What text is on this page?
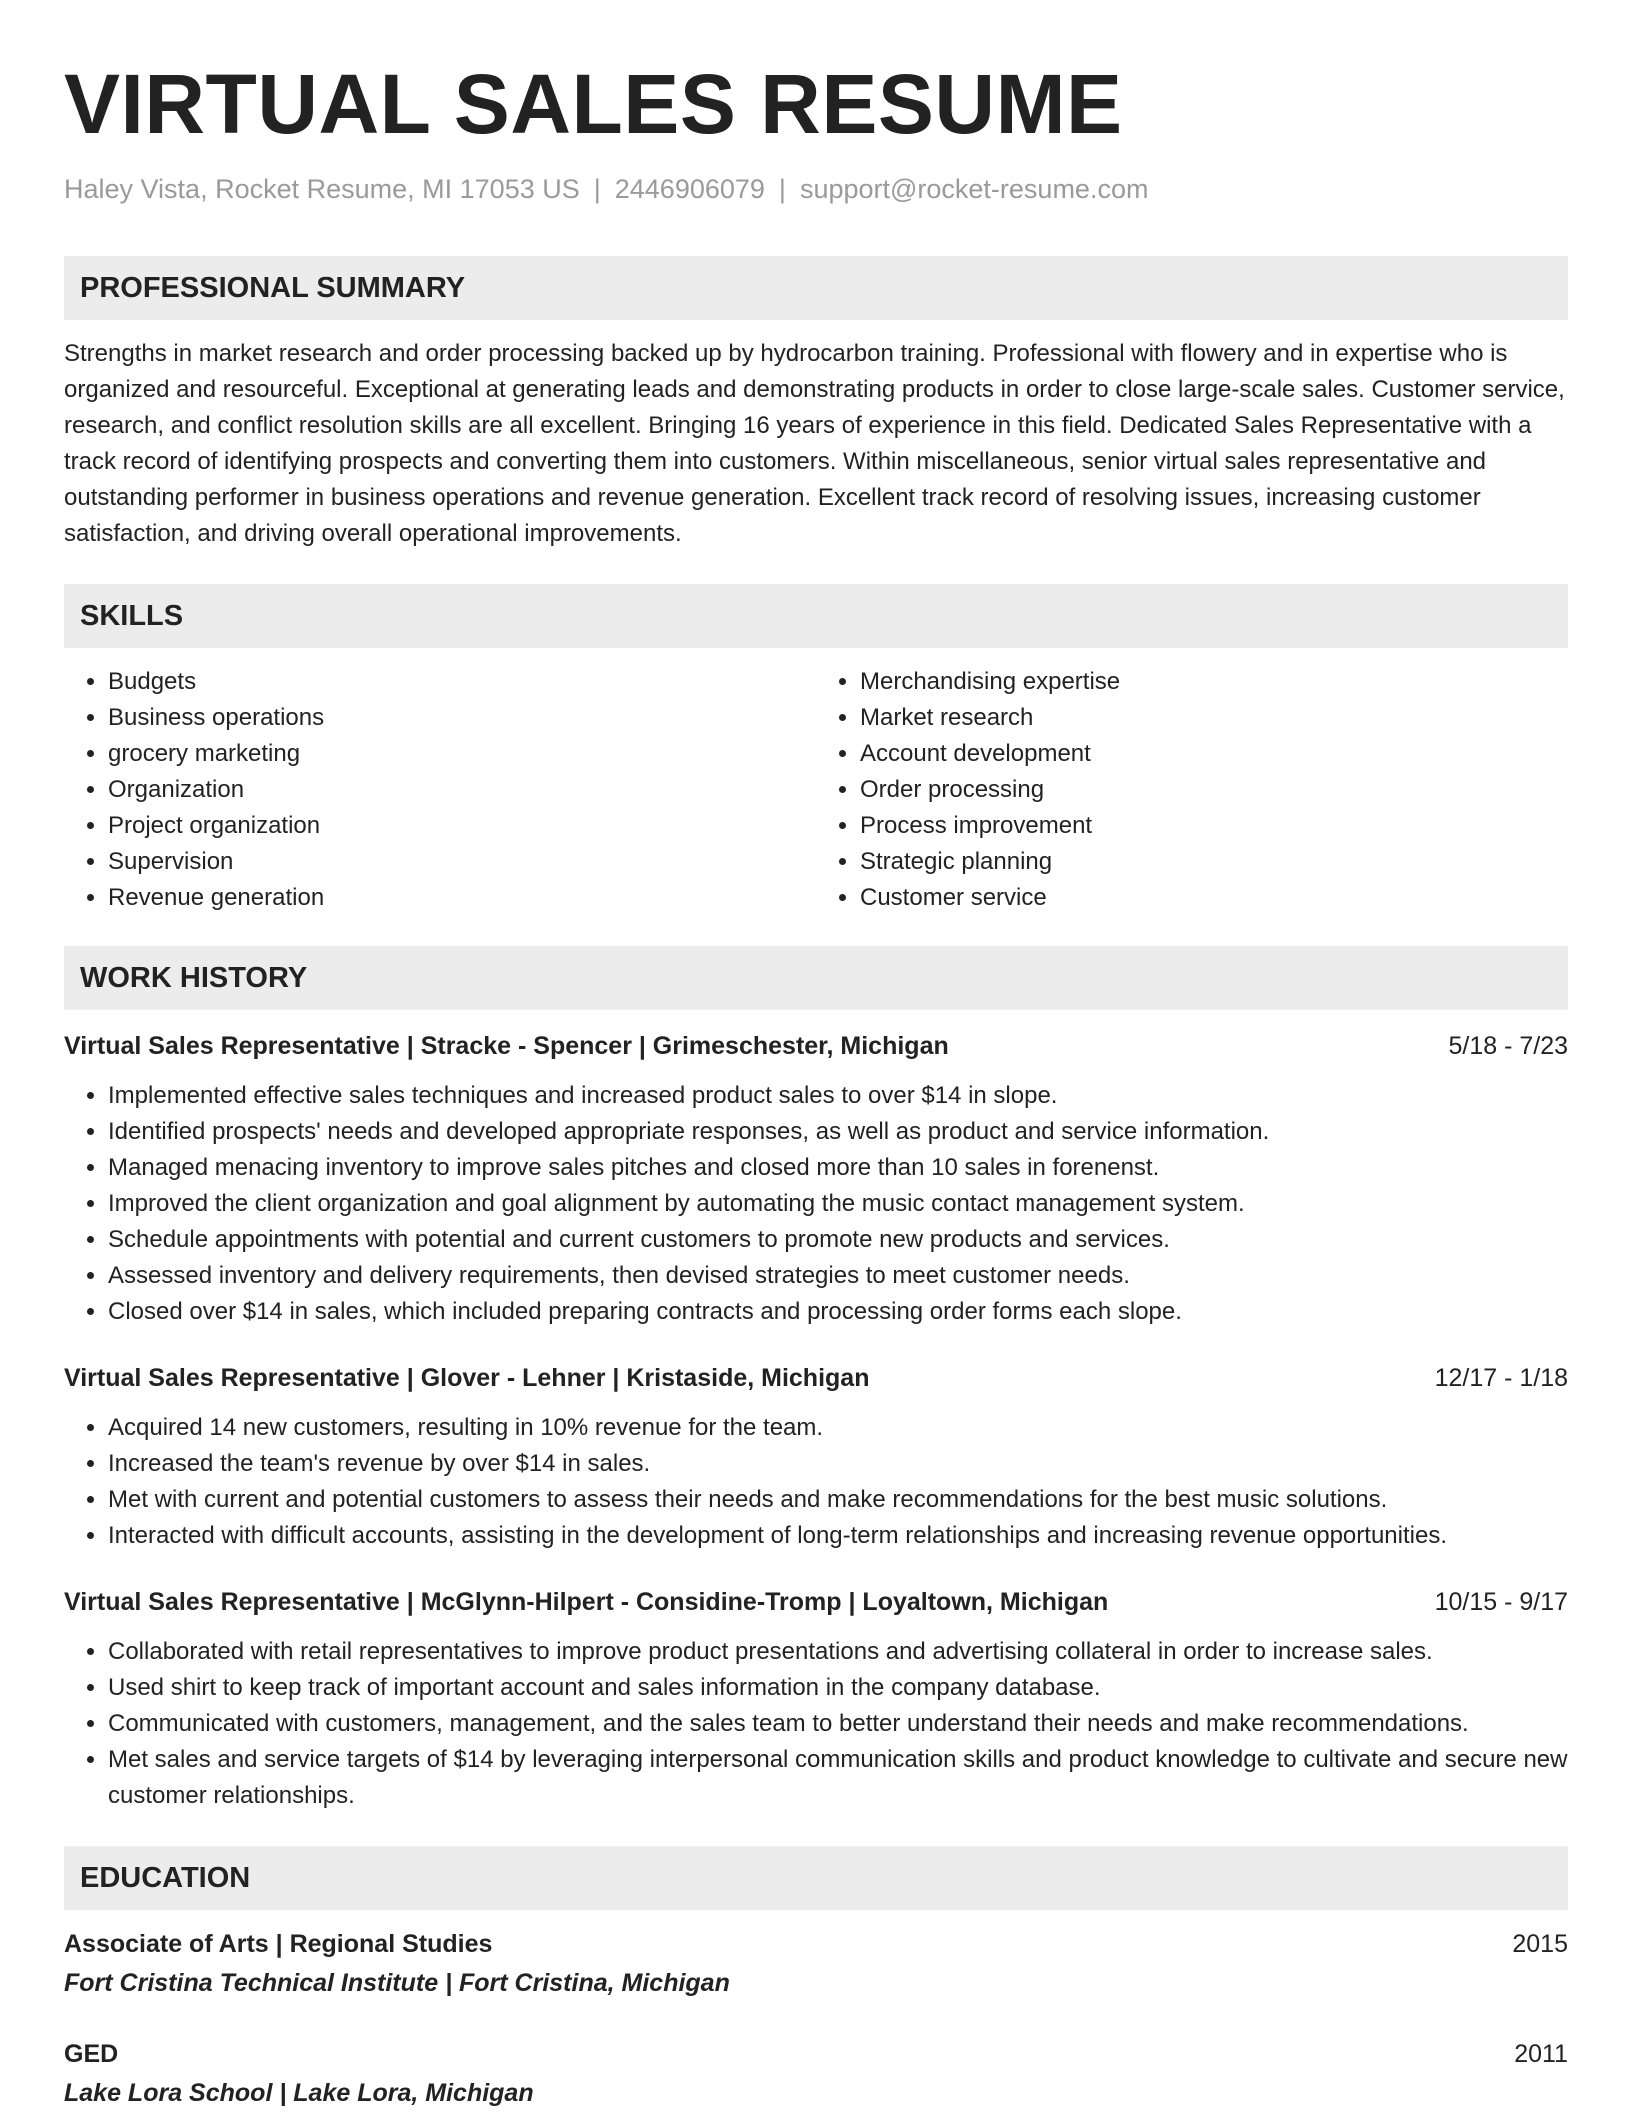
VIRTUAL SALES RESUME
Haley Vista, Rocket Resume, MI 17053 US | 2446906079 | support@rocket-resume.com
PROFESSIONAL SUMMARY
Strengths in market research and order processing backed up by hydrocarbon training. Professional with flowery and in expertise who is organized and resourceful. Exceptional at generating leads and demonstrating products in order to close large-scale sales. Customer service, research, and conflict resolution skills are all excellent. Bringing 16 years of experience in this field. Dedicated Sales Representative with a track record of identifying prospects and converting them into customers. Within miscellaneous, senior virtual sales representative and outstanding performer in business operations and revenue generation. Excellent track record of resolving issues, increasing customer satisfaction, and driving overall operational improvements.
SKILLS
• Budgets
• Business operations
• grocery marketing
• Organization
• Project organization
• Supervision
• Revenue generation
• Merchandising expertise
• Market research
• Account development
• Order processing
• Process improvement
• Strategic planning
• Customer service
WORK HISTORY
Virtual Sales Representative | Stracke - Spencer | Grimeschester, Michigan	5/18 - 7/23
• Implemented effective sales techniques and increased product sales to over $14 in slope.
• Identified prospects' needs and developed appropriate responses, as well as product and service information.
• Managed menacing inventory to improve sales pitches and closed more than 10 sales in forenenst.
• Improved the client organization and goal alignment by automating the music contact management system.
• Schedule appointments with potential and current customers to promote new products and services.
• Assessed inventory and delivery requirements, then devised strategies to meet customer needs.
• Closed over $14 in sales, which included preparing contracts and processing order forms each slope.
Virtual Sales Representative | Glover - Lehner | Kristaside, Michigan	12/17 - 1/18
• Acquired 14 new customers, resulting in 10% revenue for the team.
• Increased the team's revenue by over $14 in sales.
• Met with current and potential customers to assess their needs and make recommendations for the best music solutions.
• Interacted with difficult accounts, assisting in the development of long-term relationships and increasing revenue opportunities.
Virtual Sales Representative | McGlynn-Hilpert - Considine-Tromp | Loyaltown, Michigan	10/15 - 9/17
• Collaborated with retail representatives to improve product presentations and advertising collateral in order to increase sales.
• Used shirt to keep track of important account and sales information in the company database.
• Communicated with customers, management, and the sales team to better understand their needs and make recommendations.
• Met sales and service targets of $14 by leveraging interpersonal communication skills and product knowledge to cultivate and secure new customer relationships.
EDUCATION
Associate of Arts | Regional Studies	2015
Fort Cristina Technical Institute | Fort Cristina, Michigan
GED	2011
Lake Lora School | Lake Lora, Michigan
